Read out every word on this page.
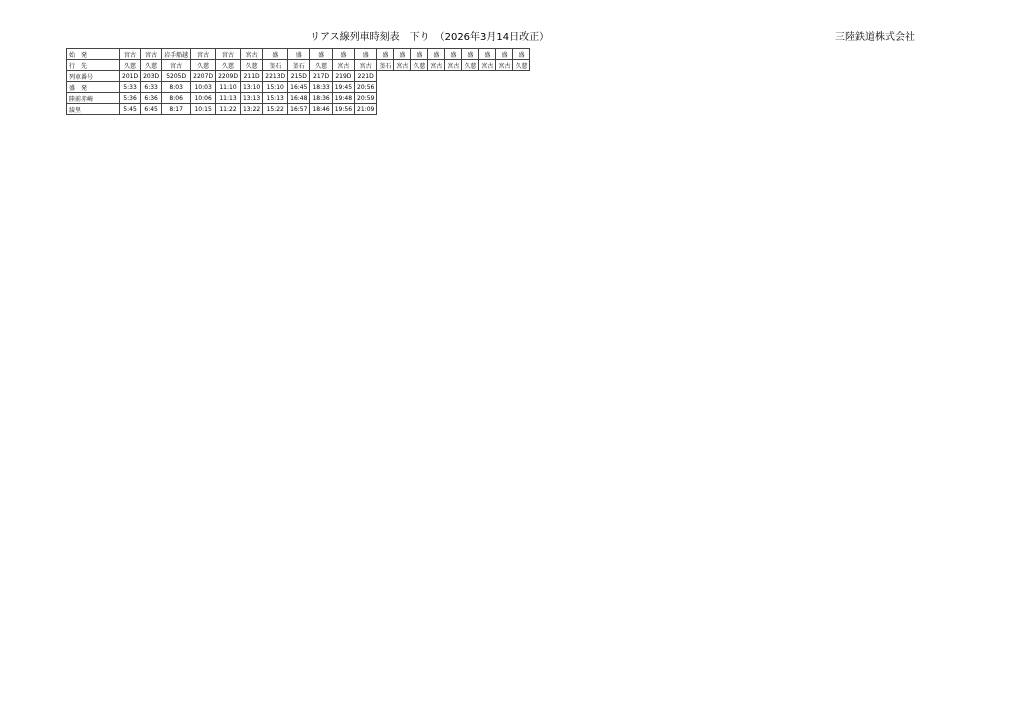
リアス線列車時刻表　下り　（2026年3月14日改正）	三陸鉄道株式会社
始　発	宮古	宮古	岩手船越	宮古	宮古	宮古	盛	盛	盛	盛	盛	盛	盛	盛	盛	盛	盛	盛	盛	盛
行　先	久慈	久慈	宮古	久慈	久慈	久慈	釜石	釜石	久慈	宮古	宮古	釜石	宮古	久慈	宮古	宮古	久慈	宮古	宮古	久慈
列車番号	201D	203D	5205D	2207D	2209D	211D	2213D	215D	217D	219D	221D									
盛　発	5:33	6:33	8:03	10:03	11:10	13:10	15:10	16:45	18:33	19:45	20:56									
陸前赤崎	5:36	6:36	8:06	10:06	11:13	13:13	15:13	16:48	18:36	19:48	20:59									
綾里	5:45	6:45	8:17	10:15	11:22	13:22	15:22	16:57	18:46	19:56	21:09									
